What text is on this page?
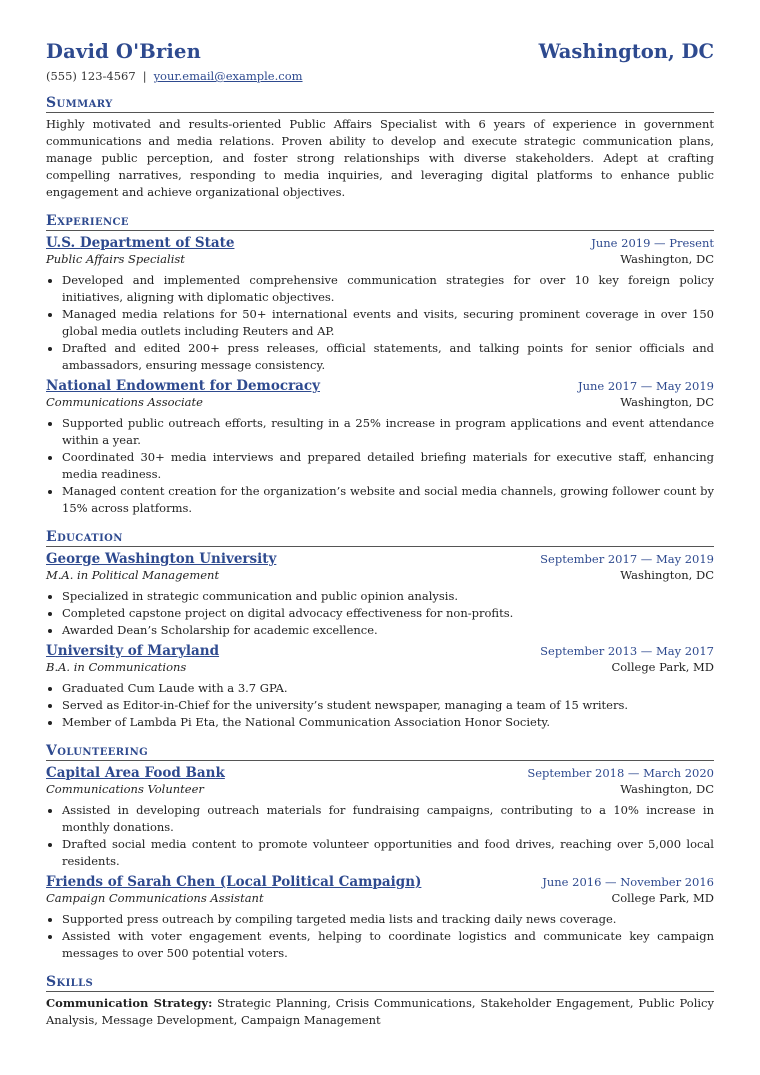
David O'Brien	Washington, DC
(555) 123-4567 | your.email@example.com
Summary
Highly motivated and results-oriented Public Affairs Specialist with 6 years of experience in government communications and media relations. Proven ability to develop and execute strategic communication plans, manage public perception, and foster strong relationships with diverse stakeholders. Adept at crafting compelling narratives, responding to media inquiries, and leveraging digital platforms to enhance public engagement and achieve organizational objectives.
Experience
U.S. Department of State	June 2019 — Present
Public Affairs Specialist	Washington, DC
• Developed and implemented comprehensive communication strategies for over 10 key foreign policy initiatives, aligning with diplomatic objectives.
• Managed media relations for 50+ international events and visits, securing prominent coverage in over 150 global media outlets including Reuters and AP.
• Drafted and edited 200+ press releases, official statements, and talking points for senior officials and ambassadors, ensuring message consistency.
National Endowment for Democracy	June 2017 — May 2019
Communications Associate	Washington, DC
• Supported public outreach efforts, resulting in a 25% increase in program applications and event attendance within a year.
• Coordinated 30+ media interviews and prepared detailed briefing materials for executive staff, enhancing media readiness.
• Managed content creation for the organization’s website and social media channels, growing follower count by 15% across platforms.
Education
George Washington University	September 2017 — May 2019
M.A. in Political Management	Washington, DC
• Specialized in strategic communication and public opinion analysis.
• Completed capstone project on digital advocacy effectiveness for non-profits.
• Awarded Dean’s Scholarship for academic excellence.
University of Maryland	September 2013 — May 2017
B.A. in Communications	College Park, MD
• Graduated Cum Laude with a 3.7 GPA.
• Served as Editor-in-Chief for the university’s student newspaper, managing a team of 15 writers.
• Member of Lambda Pi Eta, the National Communication Association Honor Society.
Volunteering
Capital Area Food Bank	September 2018 — March 2020
Communications Volunteer	Washington, DC
• Assisted in developing outreach materials for fundraising campaigns, contributing to a 10% increase in monthly donations.
• Drafted social media content to promote volunteer opportunities and food drives, reaching over 5,000 local residents.
Friends of Sarah Chen (Local Political Campaign)	June 2016 — November 2016
Campaign Communications Assistant	College Park, MD
• Supported press outreach by compiling targeted media lists and tracking daily news coverage.
• Assisted with voter engagement events, helping to coordinate logistics and communicate key campaign messages to over 500 potential voters.
Skills
Communication Strategy: Strategic Planning, Crisis Communications, Stakeholder Engagement, Public Policy Analysis, Message Development, Campaign Management
